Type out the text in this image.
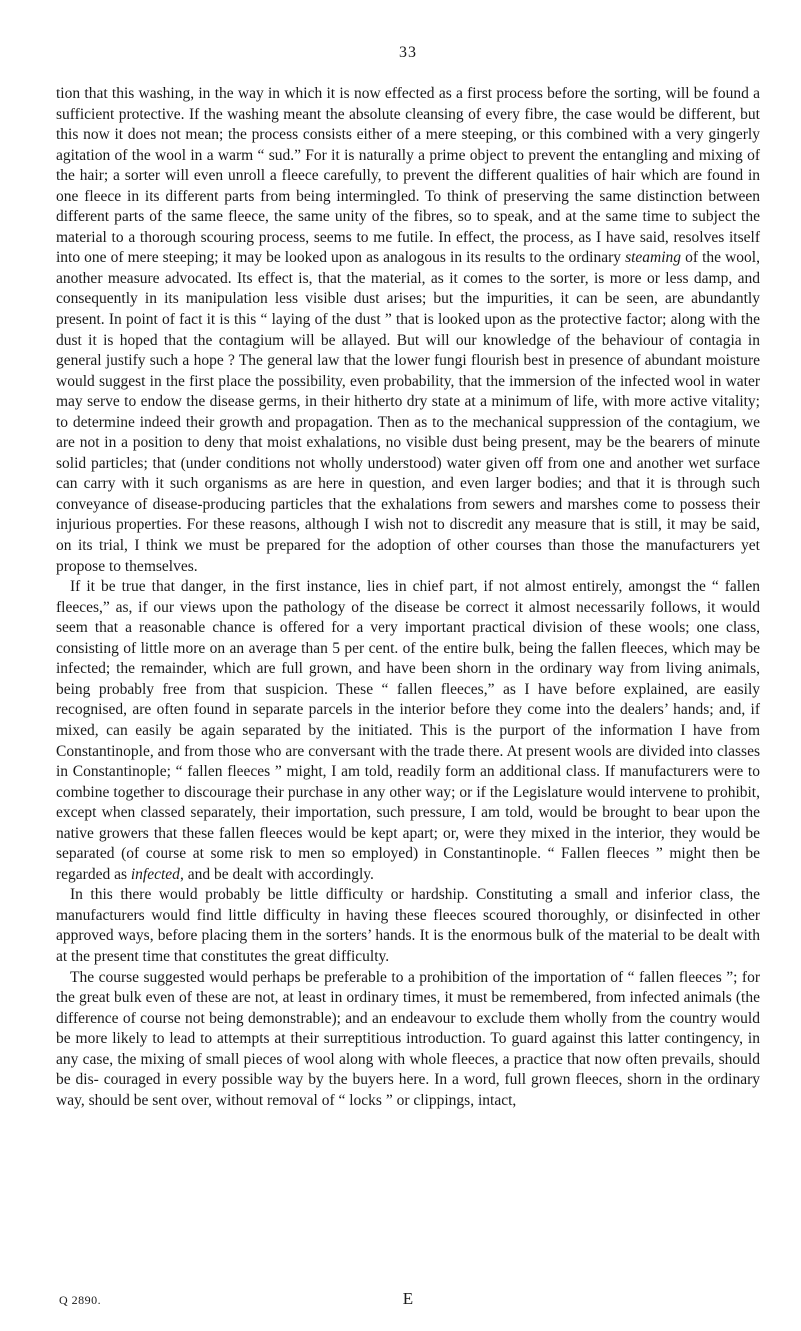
33

tion that this washing, in the way in which it is now effected as a first process before the sorting, will be found a sufficient protective. If the washing meant the absolute cleansing of every fibre, the case would be different, but this now it does not mean; the process consists either of a mere steeping, or this combined with a very gingerly agitation of the wool in a warm “ sud.” For it is naturally a prime object to prevent the entangling and mixing of the hair; a sorter will even unroll a fleece carefully, to prevent the different qualities of hair which are found in one fleece in its different parts from being intermingled. To think of preserving the same distinction between different parts of the same fleece, the same unity of the fibres, so to speak, and at the same time to subject the material to a thorough scouring process, seems to me futile. In effect, the process, as I have said, resolves itself into one of mere steeping; it may be looked upon as analogous in its results to the ordinary steaming of the wool, another measure advocated. Its effect is, that the material, as it comes to the sorter, is more or less damp, and consequently in its manipulation less visible dust arises; but the impurities, it can be seen, are abundantly present. In point of fact it is this “ laying of the dust ” that is looked upon as the protective factor; along with the dust it is hoped that the contagium will be allayed. But will our knowledge of the behaviour of contagia in general justify such a hope ? The general law that the lower fungi flourish best in presence of abundant moisture would suggest in the first place the possibility, even probability, that the immersion of the infected wool in water may serve to endow the disease germs, in their hitherto dry state at a minimum of life, with more active vitality; to determine indeed their growth and propagation. Then as to the mechanical suppression of the contagium, we are not in a position to deny that moist exhalations, no visible dust being present, may be the bearers of minute solid particles; that (under conditions not wholly understood) water given off from one and another wet surface can carry with it such organisms as are here in question, and even larger bodies; and that it is through such conveyance of disease-producing particles that the exhalations from sewers and marshes come to possess their injurious properties. For these reasons, although I wish not to discredit any measure that is still, it may be said, on its trial, I think we must be prepared for the adoption of other courses than those the manufacturers yet propose to themselves.

If it be true that danger, in the first instance, lies in chief part, if not almost entirely, amongst the “ fallen fleeces,” as, if our views upon the pathology of the disease be correct it almost necessarily follows, it would seem that a reasonable chance is offered for a very important practical division of these wools; one class, consisting of little more on an average than 5 per cent. of the entire bulk, being the fallen fleeces, which may be infected; the remainder, which are full grown, and have been shorn in the ordinary way from living animals, being probably free from that suspicion. These “ fallen fleeces,” as I have before explained, are easily recognised, are often found in separate parcels in the interior before they come into the dealers’ hands; and, if mixed, can easily be again separated by the initiated. This is the purport of the information I have from Constantinople, and from those who are conversant with the trade there. At present wools are divided into classes in Constantinople; “ fallen fleeces ” might, I am told, readily form an additional class. If manufacturers were to combine together to discourage their purchase in any other way; or if the Legislature would intervene to prohibit, except when classed separately, their importation, such pressure, I am told, would be brought to bear upon the native growers that these fallen fleeces would be kept apart; or, were they mixed in the interior, they would be separated (of course at some risk to men so employed) in Constantinople. “ Fallen fleeces ” might then be regarded as infected, and be dealt with accordingly.

In this there would probably be little difficulty or hardship. Constituting a small and inferior class, the manufacturers would find little difficulty in having these fleeces scoured thoroughly, or disinfected in other approved ways, before placing them in the sorters’ hands. It is the enormous bulk of the material to be dealt with at the present time that constitutes the great difficulty.

The course suggested would perhaps be preferable to a prohibition of the importation of “ fallen fleeces ”; for the great bulk even of these are not, at least in ordinary times, it must be remembered, from infected animals (the difference of course not being demonstrable); and an endeavour to exclude them wholly from the country would be more likely to lead to attempts at their surreptitious introduction. To guard against this latter contingency, in any case, the mixing of small pieces of wool along with whole fleeces, a practice that now often prevails, should be dis- couraged in every possible way by the buyers here. In a word, full grown fleeces, shorn in the ordinary way, should be sent over, without removal of “ locks ” or clippings, intact,

Q 2890.	E
